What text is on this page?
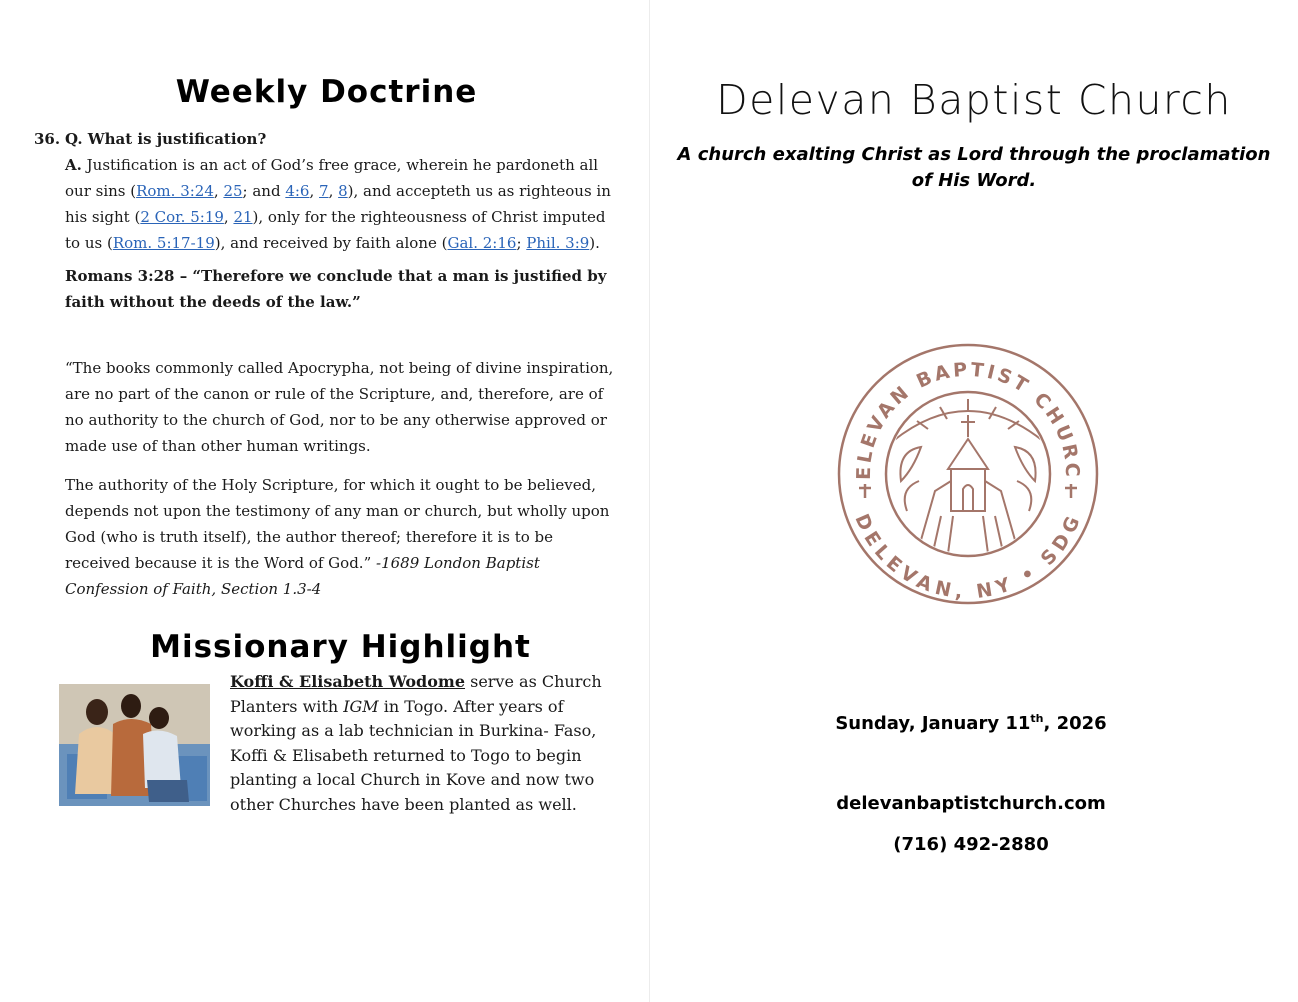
Weekly Doctrine
36. Q. What is justification?
A. Justification is an act of God’s free grace, wherein he pardoneth all our sins (Rom. 3:24, 25; and 4:6, 7, 8), and accepteth us as righteous in his sight (2 Cor. 5:19, 21), only for the righteousness of Christ imputed to us (Rom. 5:17-19), and received by faith alone (Gal. 2:16; Phil. 3:9).
Romans 3:28 – “Therefore we conclude that a man is justified by faith without the deeds of the law.”
“The books commonly called Apocrypha, not being of divine inspiration, are no part of the canon or rule of the Scripture, and, therefore, are of no authority to the church of God, nor to be any otherwise approved or made use of than other human writings.
The authority of the Holy Scripture, for which it ought to be believed, depends not upon the testimony of any man or church, but wholly upon God (who is truth itself), the author thereof; therefore it is to be received because it is the Word of God.” -1689 London Baptist Confession of Faith, Section 1.3-4
Missionary Highlight
Koffi & Elisabeth Wodome serve as Church Planters with IGM in Togo. After years of working as a lab technician in Burkina- Faso, Koffi & Elisabeth returned to Togo to begin planting a local Church in Kove and now two other Churches have been planted as well.
Delevan Baptist Church
A church exalting Christ as Lord through the proclamation of His Word.
ELEVAN BAPTIST CHURC
DELEVAN, NY • SDG
Sunday, January 11th, 2026
delevanbaptistchurch.com
(716) 492-2880
